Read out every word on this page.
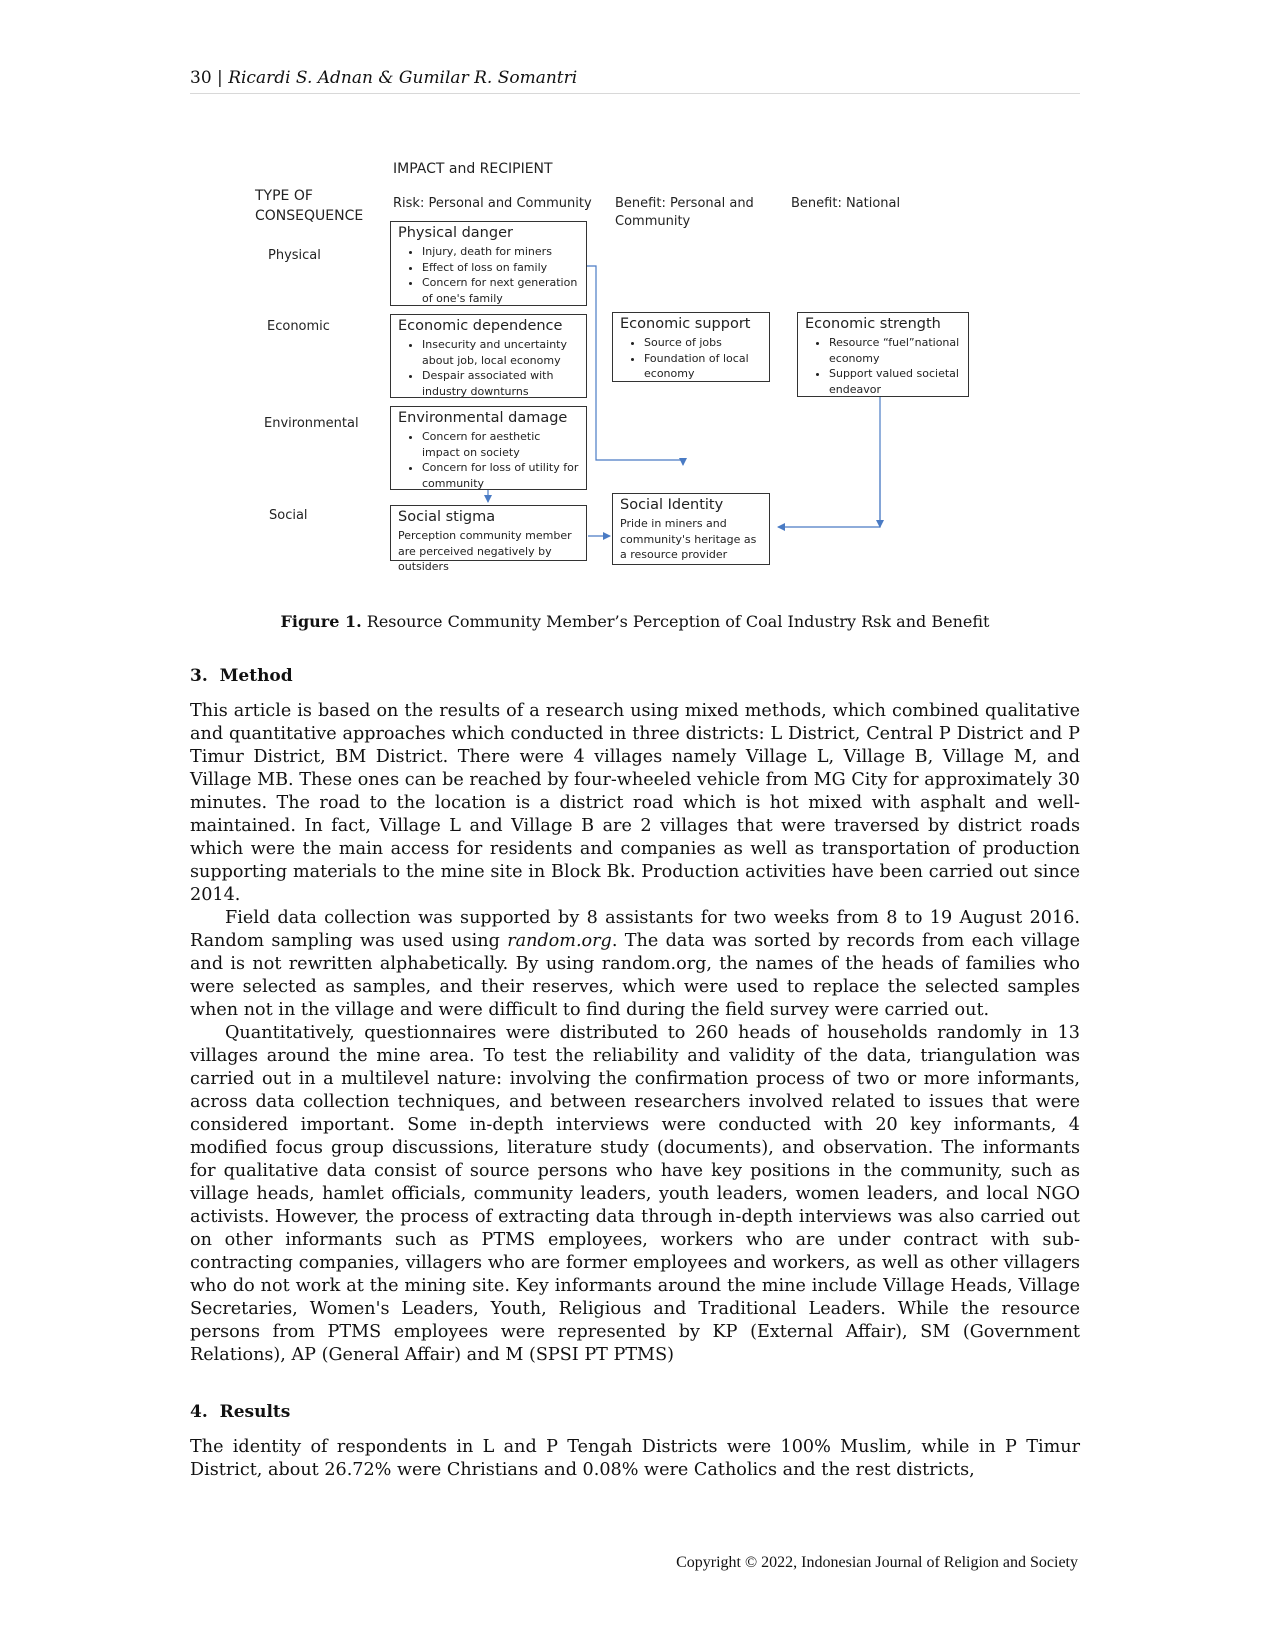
30 | Ricardi S. Adnan & Gumilar R. Somantri
IMPACT and RECIPIENT
TYPE OF
CONSEQUENCE
Risk: Personal and Community Benefit: Personal and
Community
Benefit: National
Physical
Economic
Environmental
Social
Physical danger
• Injury, death for miners
• Effect of loss on family
• Concern for next generation of one's family
Economic dependence
• Insecurity and uncertainty about job, local economy
• Despair associated with industry downturns
Economic support
• Source of jobs
• Foundation of local economy
Economic strength
• Resource “fuel”national economy
• Support valued societal endeavor
Environmental damage
• Concern for aesthetic impact on society
• Concern for loss of utility for community
Social stigma
Perception community member are perceived negatively by outsiders
Social Identity
Pride in miners and community's heritage as a resource provider
Figure 1. Resource Community Member’s Perception of Coal Industry Rsk and Benefit
3.  Method

This article is based on the results of a research using mixed methods, which combined qualitative and quantitative approaches which conducted in three districts: L District, Central P District and P Timur District, BM District. There were 4 villages namely Village L, Village B, Village M, and Village MB. These ones can be reached by four-wheeled vehicle from MG City for approximately 30 minutes. The road to the location is a district road which is hot mixed with asphalt and well-maintained. In fact, Village L and Village B are 2 villages that were traversed by district roads which were the main access for residents and companies as well as transportation of production supporting materials to the mine site in Block Bk. Production activities have been carried out since 2014.

Field data collection was supported by 8 assistants for two weeks from 8 to 19 August 2016. Random sampling was used using random.org. The data was sorted by records from each village and is not rewritten alphabetically. By using random.org, the names of the heads of families who were selected as samples, and their reserves, which were used to replace the selected samples when not in the village and were difficult to find during the field survey were carried out.

Quantitatively, questionnaires were distributed to 260 heads of households randomly in 13 villages around the mine area. To test the reliability and validity of the data, triangulation was carried out in a multilevel nature: involving the confirmation process of two or more informants, across data collection techniques, and between researchers involved related to issues that were considered important. Some in-depth interviews were conducted with 20 key informants, 4 modified focus group discussions, literature study (documents), and observation. The informants for qualitative data consist of source persons who have key positions in the community, such as village heads, hamlet officials, community leaders, youth leaders, women leaders, and local NGO activists. However, the process of extracting data through in-depth interviews was also carried out on other informants such as PTMS employees, workers who are under contract with sub-contracting companies, villagers who are former employees and workers, as well as other villagers who do not work at the mining site. Key informants around the mine include Village Heads, Village Secretaries, Women's Leaders, Youth, Religious and Traditional Leaders. While the resource persons from PTMS employees were represented by KP (External Affair), SM (Government Relations), AP (General Affair) and M (SPSI PT PTMS)

4.  Results

The identity of respondents in L and P Tengah Districts were 100% Muslim, while in P Timur District, about 26.72% were Christians and 0.08% were Catholics and the rest districts,

Copyright © 2022, Indonesian Journal of Religion and Society
